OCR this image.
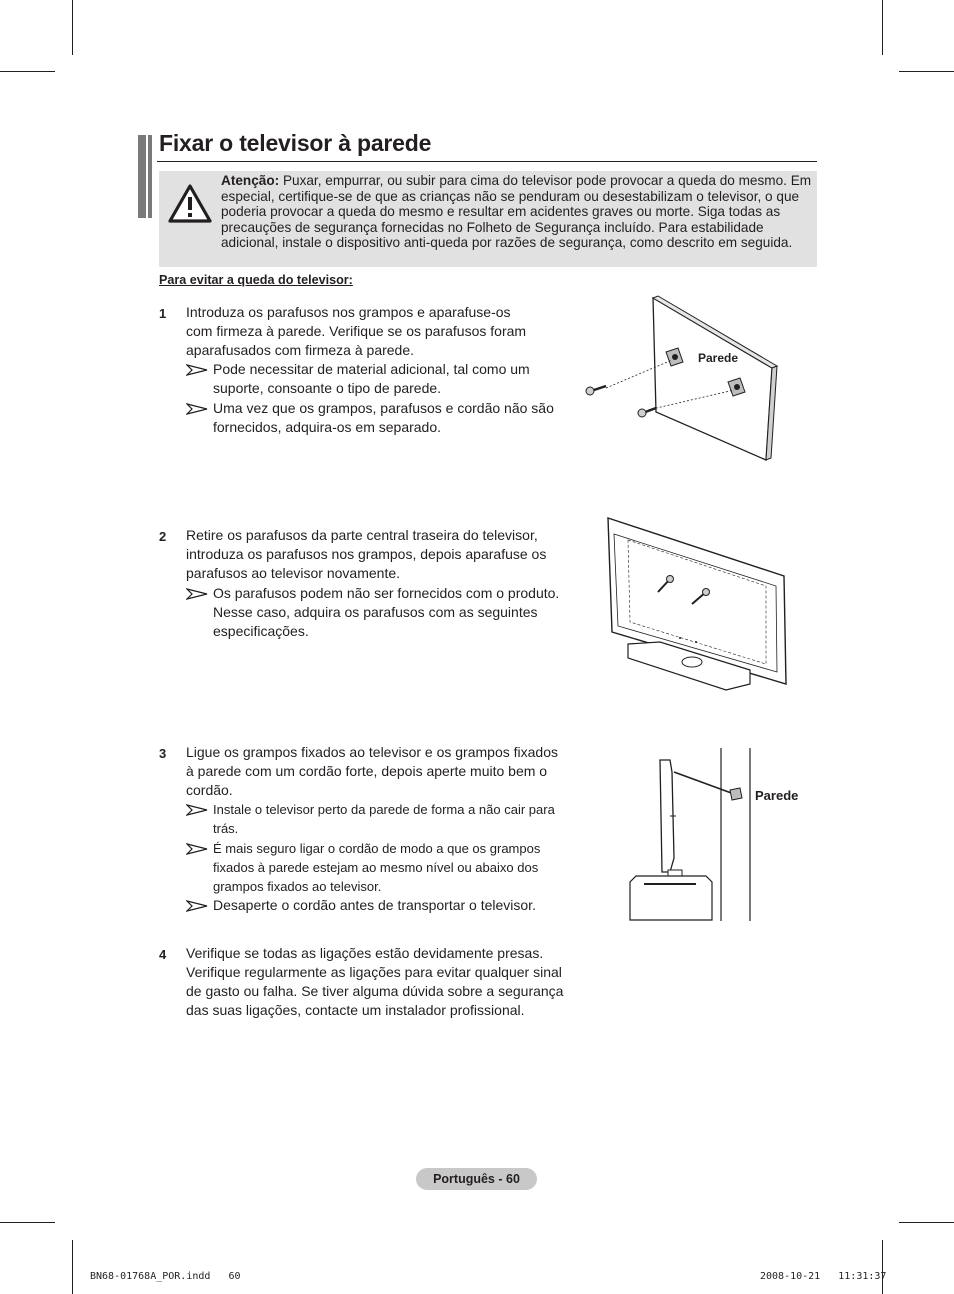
Fixar o televisor à parede
Atenção: Puxar, empurrar, ou subir para cima do televisor pode provocar a queda do mesmo. Em especial, certifique-se de que as crianças não se penduram ou desestabilizam o televisor, o que poderia provocar a queda do mesmo e resultar em acidentes graves ou morte. Siga todas as precauções de segurança fornecidas no Folheto de Segurança incluído. Para estabilidade adicional, instale o dispositivo anti-queda por razões de segurança, como descrito em seguida.
Para evitar a queda do televisor:
1 Introduza os parafusos nos grampos e aparafuse-os
com firmeza à parede. Verifique se os parafusos foram
aparafusados com firmeza à parede.
Pode necessitar de material adicional, tal como um
suporte, consoante o tipo de parede.
Uma vez que os grampos, parafusos e cordão não são
fornecidos, adquira-os em separado.
2 Retire os parafusos da parte central traseira do televisor,
introduza os parafusos nos grampos, depois aparafuse os
parafusos ao televisor novamente.
Os parafusos podem não ser fornecidos com o produto.
Nesse caso, adquira os parafusos com as seguintes
especificações.
3 Ligue os grampos fixados ao televisor e os grampos fixados
à parede com um cordão forte, depois aperte muito bem o
cordão.
Instale o televisor perto da parede de forma a não cair para
trás.
É mais seguro ligar o cordão de modo a que os grampos
fixados à parede estejam ao mesmo nível ou abaixo dos
grampos fixados ao televisor.
Desaperte o cordão antes de transportar o televisor.
4 Verifique se todas as ligações estão devidamente presas.
Verifique regularmente as ligações para evitar qualquer sinal
de gasto ou falha. Se tiver alguma dúvida sobre a segurança
das suas ligações, contacte um instalador profissional.
Parede
Parede
Português - 60
BN68-01768A_POR.indd   60	2008-10-21   11:31:37
